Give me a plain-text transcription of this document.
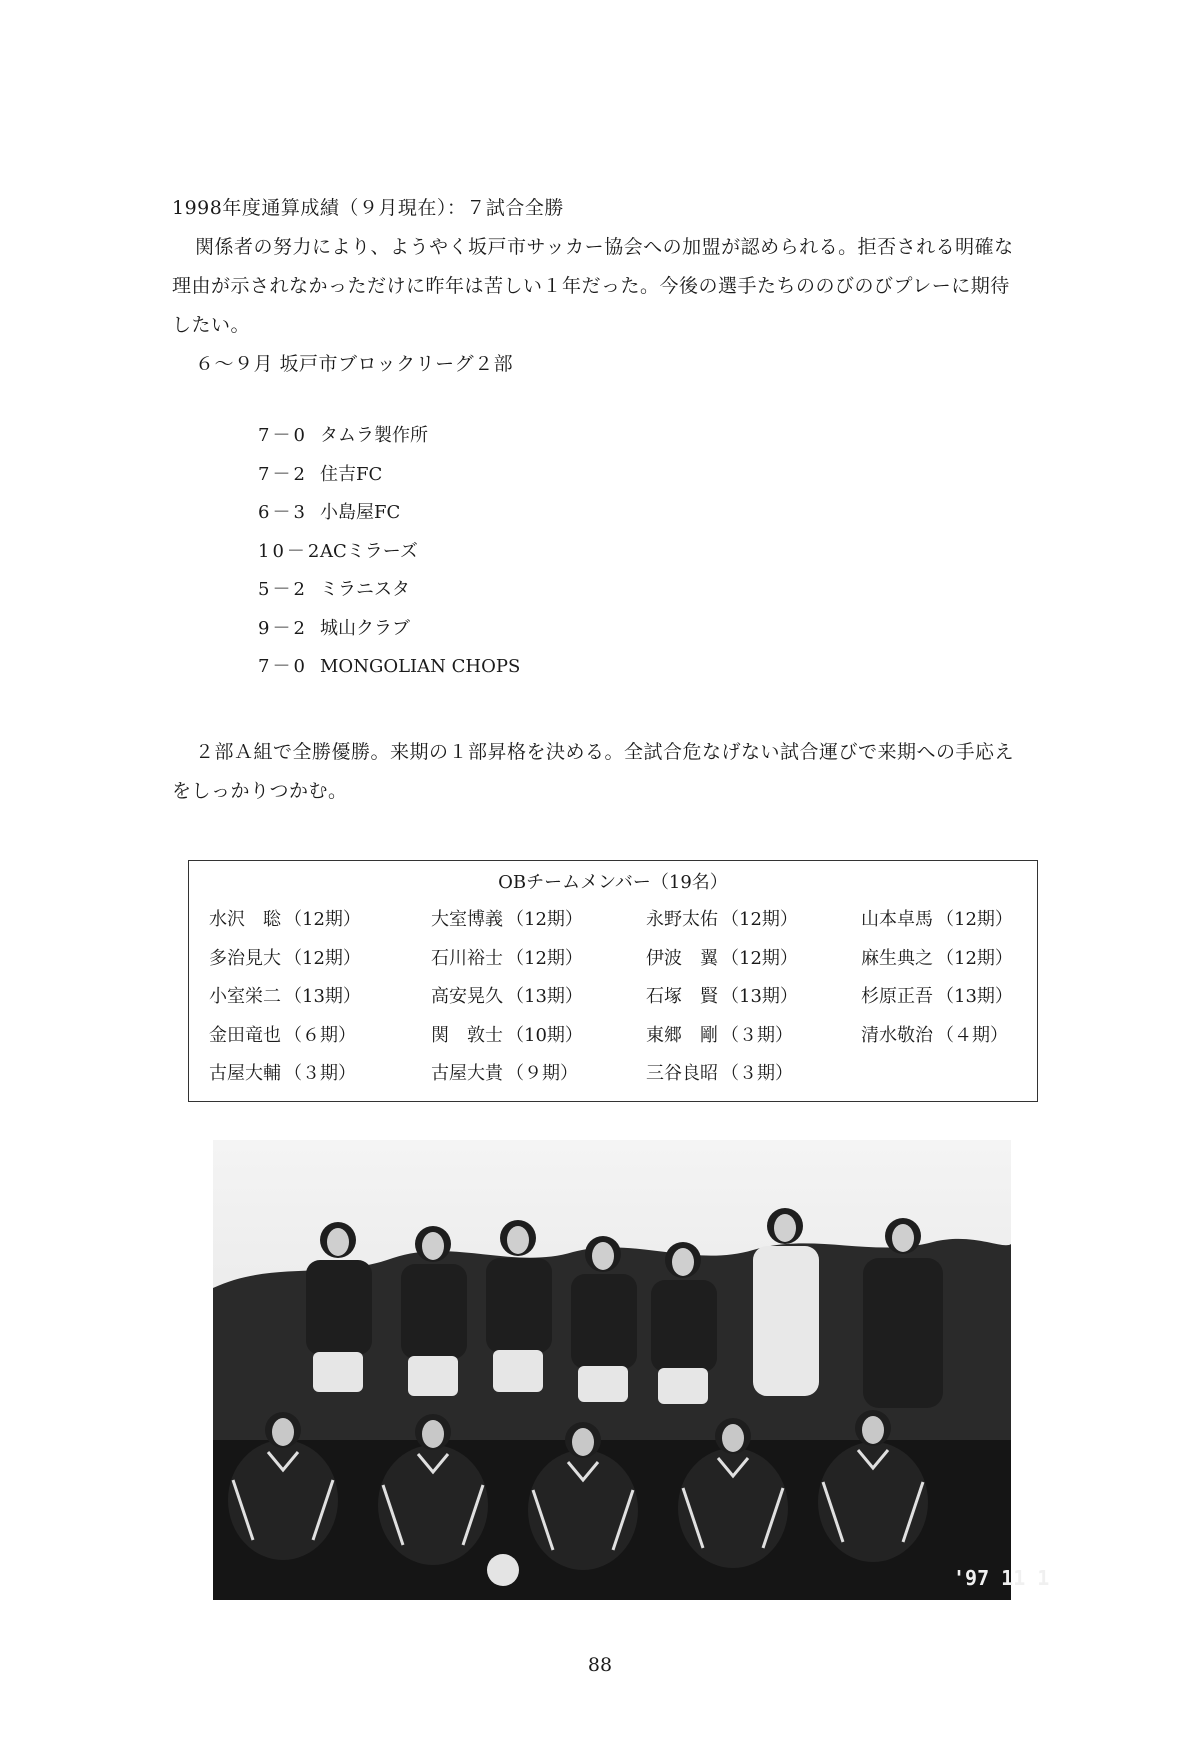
1998年度通算成績（９月現在）：７試合全勝
関係者の努力により、ようやく坂戸市サッカー協会への加盟が認められる。拒否される明確な
理由が示されなかっただけに昨年は苦しい１年だった。今後の選手たちののびのびプレーに期待
したい。
６～９月 坂戸市ブロックリーグ２部
7－0 タムラ製作所
7－2 住吉FC
6－3 小島屋FC
10－2ACミラーズ
5－2 ミラニスタ
9－2 城山クラブ
7－0 MONGOLIAN CHOPS
２部Ａ組で全勝優勝。来期の１部昇格を決める。全試合危なげない試合運びで来期への手応え
をしっかりつかむ。
OBチームメンバー（19名）
水沢　聡 （12期）	大室博義 （12期）	永野太佑 （12期）	山本卓馬 （12期）
多治見大 （12期）	石川裕士 （12期）	伊波　翼 （12期）	麻生典之 （12期）
小室栄二 （13期）	高安晃久 （13期）	石塚　賢 （13期）	杉原正吾 （13期）
金田竜也 （６期）	関　敦士 （10期）	東郷　剛 （３期）	清水敬治 （４期）
古屋大輔 （３期）	古屋大貴 （９期）	三谷良昭 （３期）
'97 11 1
88
